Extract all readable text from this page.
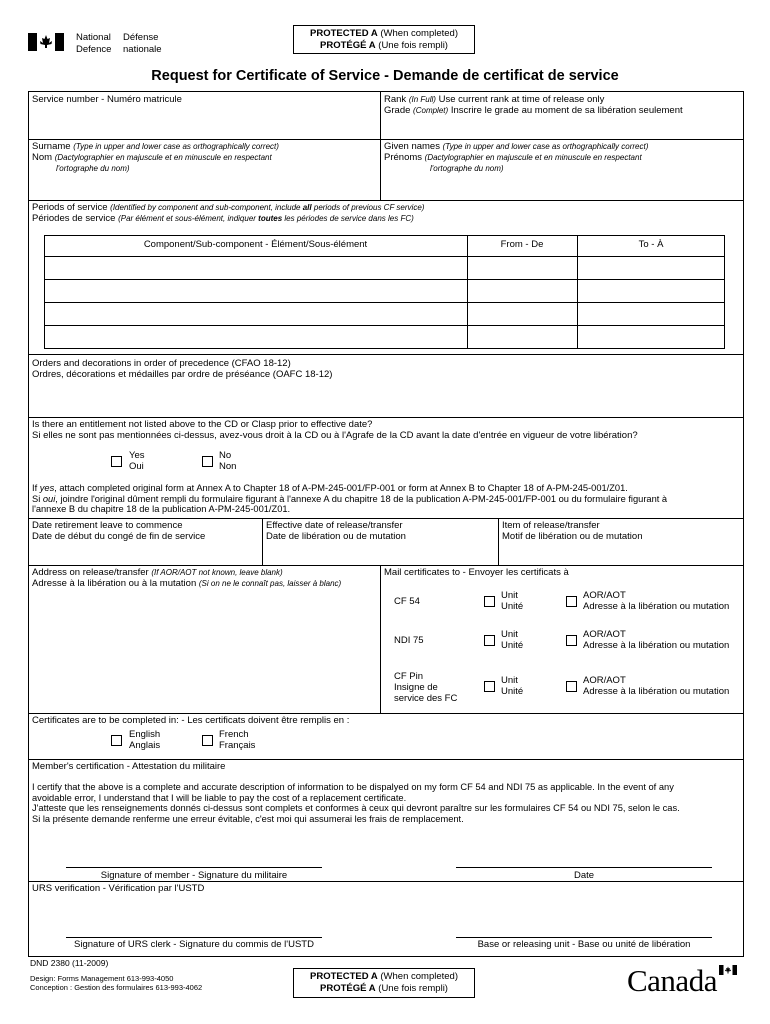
National
Defence
Défense
nationale
PROTECTED A (When completed)
PROTÉGÉ A (Une fois rempli)
Request for Certificate of Service - Demande de certificat de service
Service number - Numéro matricule	Rank (In Full) Use current rank at time of release only
Grade (Complet) Inscrire le grade au moment de sa libération seulement
Surname (Type in upper and lower case as orthographically correct)
Nom (Dactylographier en majuscule et en minuscule en respectant
l'ortographe du nom)
Given names (Type in upper and lower case as orthographically correct)
Prénoms (Dactylographier en majuscule et en minuscule en respectant
l'ortographe du nom)
Periods of service (Identified by component and sub-component, include all periods of previous CF service)
Périodes de service (Par élément et sous-élément, indiquer toutes les périodes de service dans les FC)
Component/Sub-component - Élément/Sous-élément	From - De	To - À
Orders and decorations in order of precedence (CFAO 18-12)
Ordres, décorations et médailles par ordre de préséance (OAFC 18-12)
Is there an entitlement not listed above to the CD or Clasp prior to effective date?
Si elles ne sont pas mentionnées ci-dessus, avez-vous droit à la CD ou à l'Agrafe de la CD avant la date d'entrée en vigueur de votre libération?
Yes
Oui
No
Non
If yes, attach completed original form at Annex A to Chapter 18 of A-PM-245-001/FP-001 or form at Annex B to Chapter 18 of A-PM-245-001/Z01.
Si oui, joindre l'original dûment rempli du formulaire figurant à l'annexe A du chapitre 18 de la publication A-PM-245-001/FP-001 ou du formulaire figurant à
l'annexe B du chapitre 18 de la publication A-PM-245-001/Z01.
Date retirement leave to commence
Date de début du congé de fin de service
Effective date of release/transfer
Date de libération ou de mutation
Item of release/transfer
Motif de libération ou de mutation
Address on release/transfer (If AOR/AOT not known, leave blank)
Adresse à la libération ou à la mutation (Si on ne le connaît pas, laisser à blanc)
Mail certificates to - Envoyer les certificats à
CF 54
Unit
Unité
AOR/AOT
Adresse à la libération ou mutation
NDI 75
Unit
Unité
AOR/AOT
Adresse à la libération ou mutation
CF Pin
Insigne de
service des FC
Unit
Unité
AOR/AOT
Adresse à la libération ou mutation
Certificates are to be completed in: - Les certificats doivent être remplis en :
English
Anglais
French
Français
Member's certification - Attestation du militaire
I certify that the above is a complete and accurate description of information to be dispalyed on my form CF 54 and NDI 75 as applicable. In the event of any
avoidable error, I understand that I will be liable to pay the cost of a replacement certificate.
J'atteste que les renseignements donnés ci-dessus sont complets et conformes à ceux qui devront paraître sur les formulaires CF 54 ou NDI 75, selon le cas.
Si la présente demande renferme une erreur évitable, c'est moi qui assumerai les frais de remplacement.
Signature of member - Signature du militaire	Date
URS verification - Vérification par l'USTD
Signature of URS clerk - Signature du commis de l'USTD	Base or releasing unit - Base ou unité de libération
DND 2380 (11-2009)
Design: Forms Management 613-993-4050
Conception : Gestion des formulaires 613-993-4062
PROTECTED A (When completed)
PROTÉGÉ A (Une fois rempli)	Canada
